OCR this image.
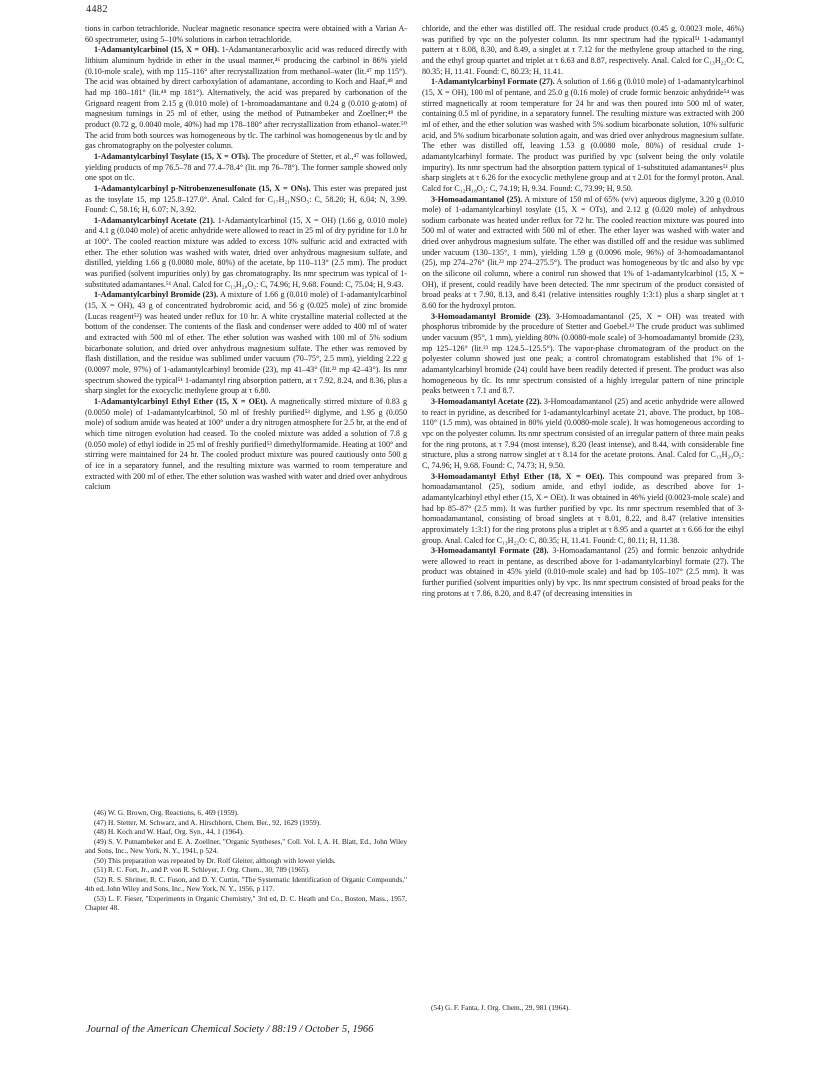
4482

tions in carbon tetrachloride. Nuclear magnetic resonance spectra were obtained with a Varian A-60 spectrometer, using 5–10% solutions in carbon tetrachloride.

1-Adamantylcarbinol (15, X = OH). 1-Adamantanecarboxylic acid was reduced directly with lithium aluminum hydride in ether in the usual manner,⁴⁶ producing the carbinol in 86% yield (0.10-mole scale), with mp 115–116° after recrystallization from methanol–water (lit.⁴⁷ mp 115°). The acid was obtained by direct carboxylation of adamantane, according to Koch and Haaf,⁴⁸ and had mp 180–181° (lit.⁴⁸ mp 181°). Alternatively, the acid was prepared by carbonation of the Grignard reagent from 2.15 g (0.010 mole) of 1-bromoadamantane and 0.24 g (0.010 g-atom) of magnesium turnings in 25 ml of ether, using the method of Putnambeker and Zoellner;⁴⁹ the product (0.72 g, 0.0040 mole, 40%) had mp 178–180° after recrystallization from ethanol–water.⁵⁰ The acid from both sources was homogeneous by tlc. The carbinol was homogeneous by tlc and by gas chromatography on the polyester column.

1-Adamantylcarbinyl Tosylate (15, X = OTs). The procedure of Stetter, et al.,⁴⁷ was followed, yielding products of mp 76.5–78 and 77.4–78.4° (lit. mp 76–78°). The former sample showed only one spot on tlc.

1-Adamantylcarbinyl p-Nitrobenzenesulfonate (15, X = ONs). This ester was prepared just as the tosylate 15, mp 125.8–127.0°. Anal. Calcd for C₁₇H₂₁NSO₅: C, 58.20; H, 6.04; N, 3.99. Found: C, 58.16; H, 6.07; N, 3.92.

1-Adamantylcarbinyl Acetate (21). 1-Adamantylcarbinol (15, X = OH) (1.66 g, 0.010 mole) and 4.1 g (0.040 mole) of acetic anhydride were allowed to react in 25 ml of dry pyridine for 1.0 hr at 100°. The cooled reaction mixture was added to excess 10% sulfuric acid and extracted with ether. The ether solution was washed with water, dried over anhydrous magnesium sulfate, and distilled, yielding 1.66 g (0.0080 mole, 80%) of the acetate, bp 110–113° (2.5 mm). The product was purified (solvent impurities only) by gas chromatography. Its nmr spectrum was typical of 1-substituted adamantanes.⁵¹ Anal. Calcd for C₁₃H₂₀O₂: C, 74.96; H, 9.68. Found: C, 75.04; H, 9.43.

1-Adamantylcarbinyl Bromide (23). A mixture of 1.66 g (0.010 mole) of 1-adamantylcarbinol (15, X = OH), 43 g of concentrated hydrobromic acid, and 56 g (0.025 mole) of zinc bromide (Lucas reagent⁵²) was heated under reflux for 10 hr. A white crystalline material collected at the bottom of the condenser. The contents of the flask and condenser were added to 400 ml of water and extracted with 500 ml of ether. The ether solution was washed with 100 ml of 5% sodium bicarbonate solution, and dried over anhydrous magnesium sulfate. The ether was removed by flash distillation, and the residue was sublimed under vacuum (70–75°, 2.5 mm), yielding 2.22 g (0.0097 mole, 97%) of 1-adamantylcarbinyl bromide (23), mp 41–43° (lit.²³ mp 42–43°). Its nmr spectrum showed the typical⁵¹ 1-adamantyl ring absorption pattern, at τ 7.92, 8.24, and 8.36, plus a sharp singlet for the exocyclic methylene group at τ 6.80.

1-Adamantylcarbinyl Ethyl Ether (15, X = OEt). A magnetically stirred mixture of 0.83 g (0.0050 mole) of 1-adamantylcarbinol, 50 ml of freshly purified⁵³ diglyme, and 1.95 g (0.050 mole) of sodium amide was heated at 100° under a dry nitrogen atmosphere for 2.5 hr, at the end of which time nitrogen evolution had ceased. To the cooled mixture was added a solution of 7.8 g (0.050 mole) of ethyl iodide in 25 ml of freshly purified⁵³ dimethylformamide. Heating at 100° and stirring were maintained for 24 hr. The cooled product mixture was poured cautiously onto 500 g of ice in a separatory funnel, and the resulting mixture was warmed to room temperature and extracted with 200 ml of ether. The ether solution was washed with water and dried over anhydrous calcium

chloride, and the ether was distilled off. The residual crude product (0.45 g, 0.0023 mole, 46%) was purified by vpc on the polyester column. Its nmr spectrum had the typical⁵¹ 1-adamantyl pattern at τ 8.08, 8.30, and 8.49, a singlet at τ 7.12 for the methylene group attached to the ring, and the ethyl group quartet and triplet at τ 6.63 and 8.87, respectively. Anal. Calcd for C₁₃H₂₂O: C, 80.35; H, 11.41. Found: C, 80.23; H, 11.41.

1-Adamantylcarbinyl Formate (27). A solution of 1.66 g (0.010 mole) of 1-adamantylcarbinol (15, X = OH), 100 ml of pentane, and 25.0 g (0.16 mole) of crude formic benzoic anhydride⁵⁴ was stirred magnetically at room temperature for 24 hr and was then poured into 500 ml of water, containing 0.5 ml of pyridine, in a separatory funnel. The resulting mixture was extracted with 200 ml of ether, and the ether solution was washed with 5% sodium bicarbonate solution, 10% sulfuric acid, and 5% sodium bicarbonate solution again, and was dried over anhydrous magnesium sulfate. The ether was distilled off, leaving 1.53 g (0.0080 mole, 80%) of residual crude 1-adamantylcarbinyl formate. The product was purified by vpc (solvent being the only volatile impurity). Its nmr spectrum had the absorption pattern typical of 1-substituted adamantanes⁵¹ plus sharp singlets at τ 6.26 for the exocyclic methylene group and at τ 2.01 for the formyl proton. Anal. Calcd for C₁₂H₁₈O₂: C, 74.19; H, 9.34. Found: C, 73.99; H, 9.50.

3-Homoadamantanol (25). A mixture of 150 ml of 65% (v/v) aqueous diglyme, 3.20 g (0.010 mole) of 1-adamantylcarbinyl tosylate (15, X = OTs), and 2.12 g (0.020 mole) of anhydrous sodium carbonate was heated under reflux for 72 hr. The cooled reaction mixture was poured into 500 ml of water and extracted with 500 ml of ether. The ether layer was washed with water and dried over anhydrous magnesium sulfate. The ether was distilled off and the residue was sublimed under vacuum (130–135°, 1 mm), yielding 1.59 g (0.0096 mole, 96%) of 3-homoadamantanol (25), mp 274–276° (lit.²³ mp 274–275.5°). The product was homogeneous by tlc and also by vpc on the silicone oil column, where a control run showed that 1% of 1-adamantylcarbinol (15, X = OH), if present, could readily have been detected. The nmr spectrum of the product consisted of broad peaks at τ 7.90, 8.13, and 8.41 (relative intensities roughly 1:3:1) plus a sharp singlet at τ 8.60 for the hydroxyl proton.

3-Homoadamantyl Bromide (23). 3-Homoadamantanol (25, X = OH) was treated with phosphorus tribromide by the procedure of Stetter and Goebel.²³ The crude product was sublimed under vacuum (95°, 1 mm), yielding 80% (0.0080-mole scale) of 3-homoadamantyl bromide (23), mp 125–126° (lit.²³ mp 124.5–125.5°). The vapor-phase chromatogram of the product on the polyester column showed just one peak; a control chromatogram established that 1% of 1-adamantylcarbinyl bromide (24) could have been readily detected if present. The product was also homogeneous by tlc. Its nmr spectrum consisted of a highly irregular pattern of nine principle peaks between τ 7.1 and 8.7.

3-Homoadamantyl Acetate (22). 3-Homoadamantanol (25) and acetic anhydride were allowed to react in pyridine, as described for 1-adamantylcarbinyl acetate 21, above. The product, bp 108–110° (1.5 mm), was obtained in 80% yield (0.0080-mole scale). It was homogeneous according to vpc on the polyester column. Its nmr spectrum consisted of an irregular pattern of three main peaks for the ring protons, at τ 7.94 (most intense), 8.20 (least intense), and 8.44, with considerable fine structure, plus a strong narrow singlet at τ 8.14 for the acetate protons. Anal. Calcd for C₁₃H₂₀O₂: C, 74.96; H, 9.68. Found: C, 74.73; H, 9.50.

3-Homoadamantyl Ethyl Ether (18, X = OEt). This compound was prepared from 3-homoadamantanol (25), sodium amide, and ethyl iodide, as described above for 1-adamantylcarbinyl ethyl ether (15, X = OEt). It was obtained in 46% yield (0.0023-mole scale) and had bp 85–87° (2.5 mm). It was further purified by vpc. Its nmr spectrum resembled that of 3-homoadamantanol, consisting of broad singlets at τ 8.01, 8.22, and 8.47 (relative intensities approximately 1:3:1) for the ring protons plus a triplet at τ 8.95 and a quartet at τ 6.66 for the ethyl group. Anal. Calcd for C₁₃H₂₂O: C, 80.35; H, 11.41. Found: C, 80.11; H, 11.38.

3-Homoadamantyl Formate (28). 3-Homoadamantanol (25) and formic benzoic anhydride were allowed to react in pentane, as described above for 1-adamantylcarbinyl formate (27). The product was obtained in 45% yield (0.010-mole scale) and had bp 105–107° (2.5 mm). It was further purified (solvent impurities only) by vpc. Its nmr spectrum consisted of broad peaks for the ring protons at τ 7.86, 8.20, and 8.47 (of decreasing intensities in

(46) W. G. Brown, Org. Reactions, 6, 469 (1959).

(47) H. Stetter, M. Schwarz, and A. Hirschhorn, Chem. Ber., 92, 1629 (1959).

(48) H. Koch and W. Haaf, Org. Syn., 44, 1 (1964).

(49) S. V. Putnambeker and E. A. Zoellner, "Organic Syntheses," Coll. Vol. I, A. H. Blatt, Ed., John Wiley and Sons, Inc., New York, N. Y., 1941, p 524.

(50) This preparation was repeated by Dr. Rolf Gleiter, although with lower yields.

(51) R. C. Fort, Jr., and P. von R. Schleyer, J. Org. Chem., 30, 789 (1965).

(52) R. S. Shriner, R. C. Fuson, and D. Y. Curtin, "The Systematic Identification of Organic Compounds," 4th ed, John Wiley and Sons, Inc., New York, N. Y., 1956, p 117.

(53) L. F. Fieser, "Experiments in Organic Chemistry," 3rd ed, D. C. Heath and Co., Boston, Mass., 1957, Chapter 48.

(54) G. F. Fanta, J. Org. Chem., 29, 981 (1964).

Journal of the American Chemical Society / 88:19 / October 5, 1966
